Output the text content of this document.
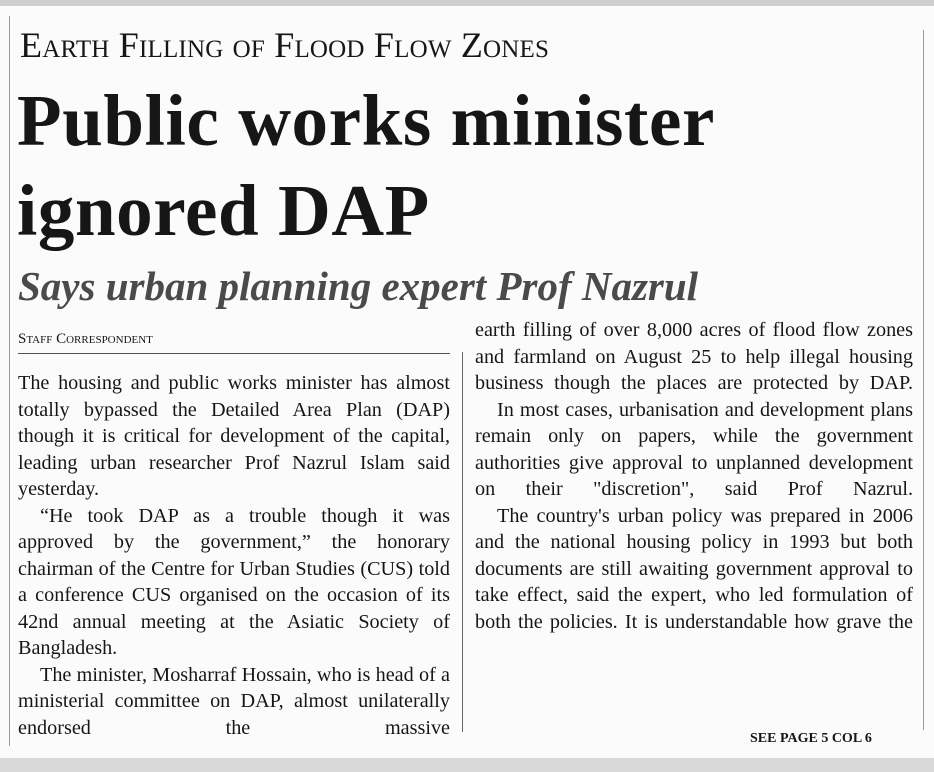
Earth Filling of Flood Flow Zones
Public works minister
ignored DAP
Says urban planning expert Prof Nazrul
Staff Correspondent

The housing and public works minister has almost totally bypassed the Detailed Area Plan (DAP) though it is critical for development of the capital, leading urban researcher Prof Nazrul Islam said yesterday.

“He took DAP as a trouble though it was approved by the government,” the honorary chairman of the Centre for Urban Studies (CUS) told a conference CUS organised on the occasion of its 42nd annual meeting at the Asiatic Society of Bangladesh.

The minister, Mosharraf Hossain, who is head of a ministerial committee on DAP, almost unilaterally endorsed the massive

earth filling of over 8,000 acres of flood flow zones and farmland on August 25 to help illegal housing business though the places are protected by DAP.

In most cases, urbanisation and development plans remain only on papers, while the government authorities give approval to unplanned development on their "discretion", said Prof Nazrul.

The country's urban policy was prepared in 2006 and the national housing policy in 1993 but both documents are still awaiting government approval to take effect, said the expert, who led formulation of both the policies. It is understandable how grave the

SEE PAGE 5 COL 6
